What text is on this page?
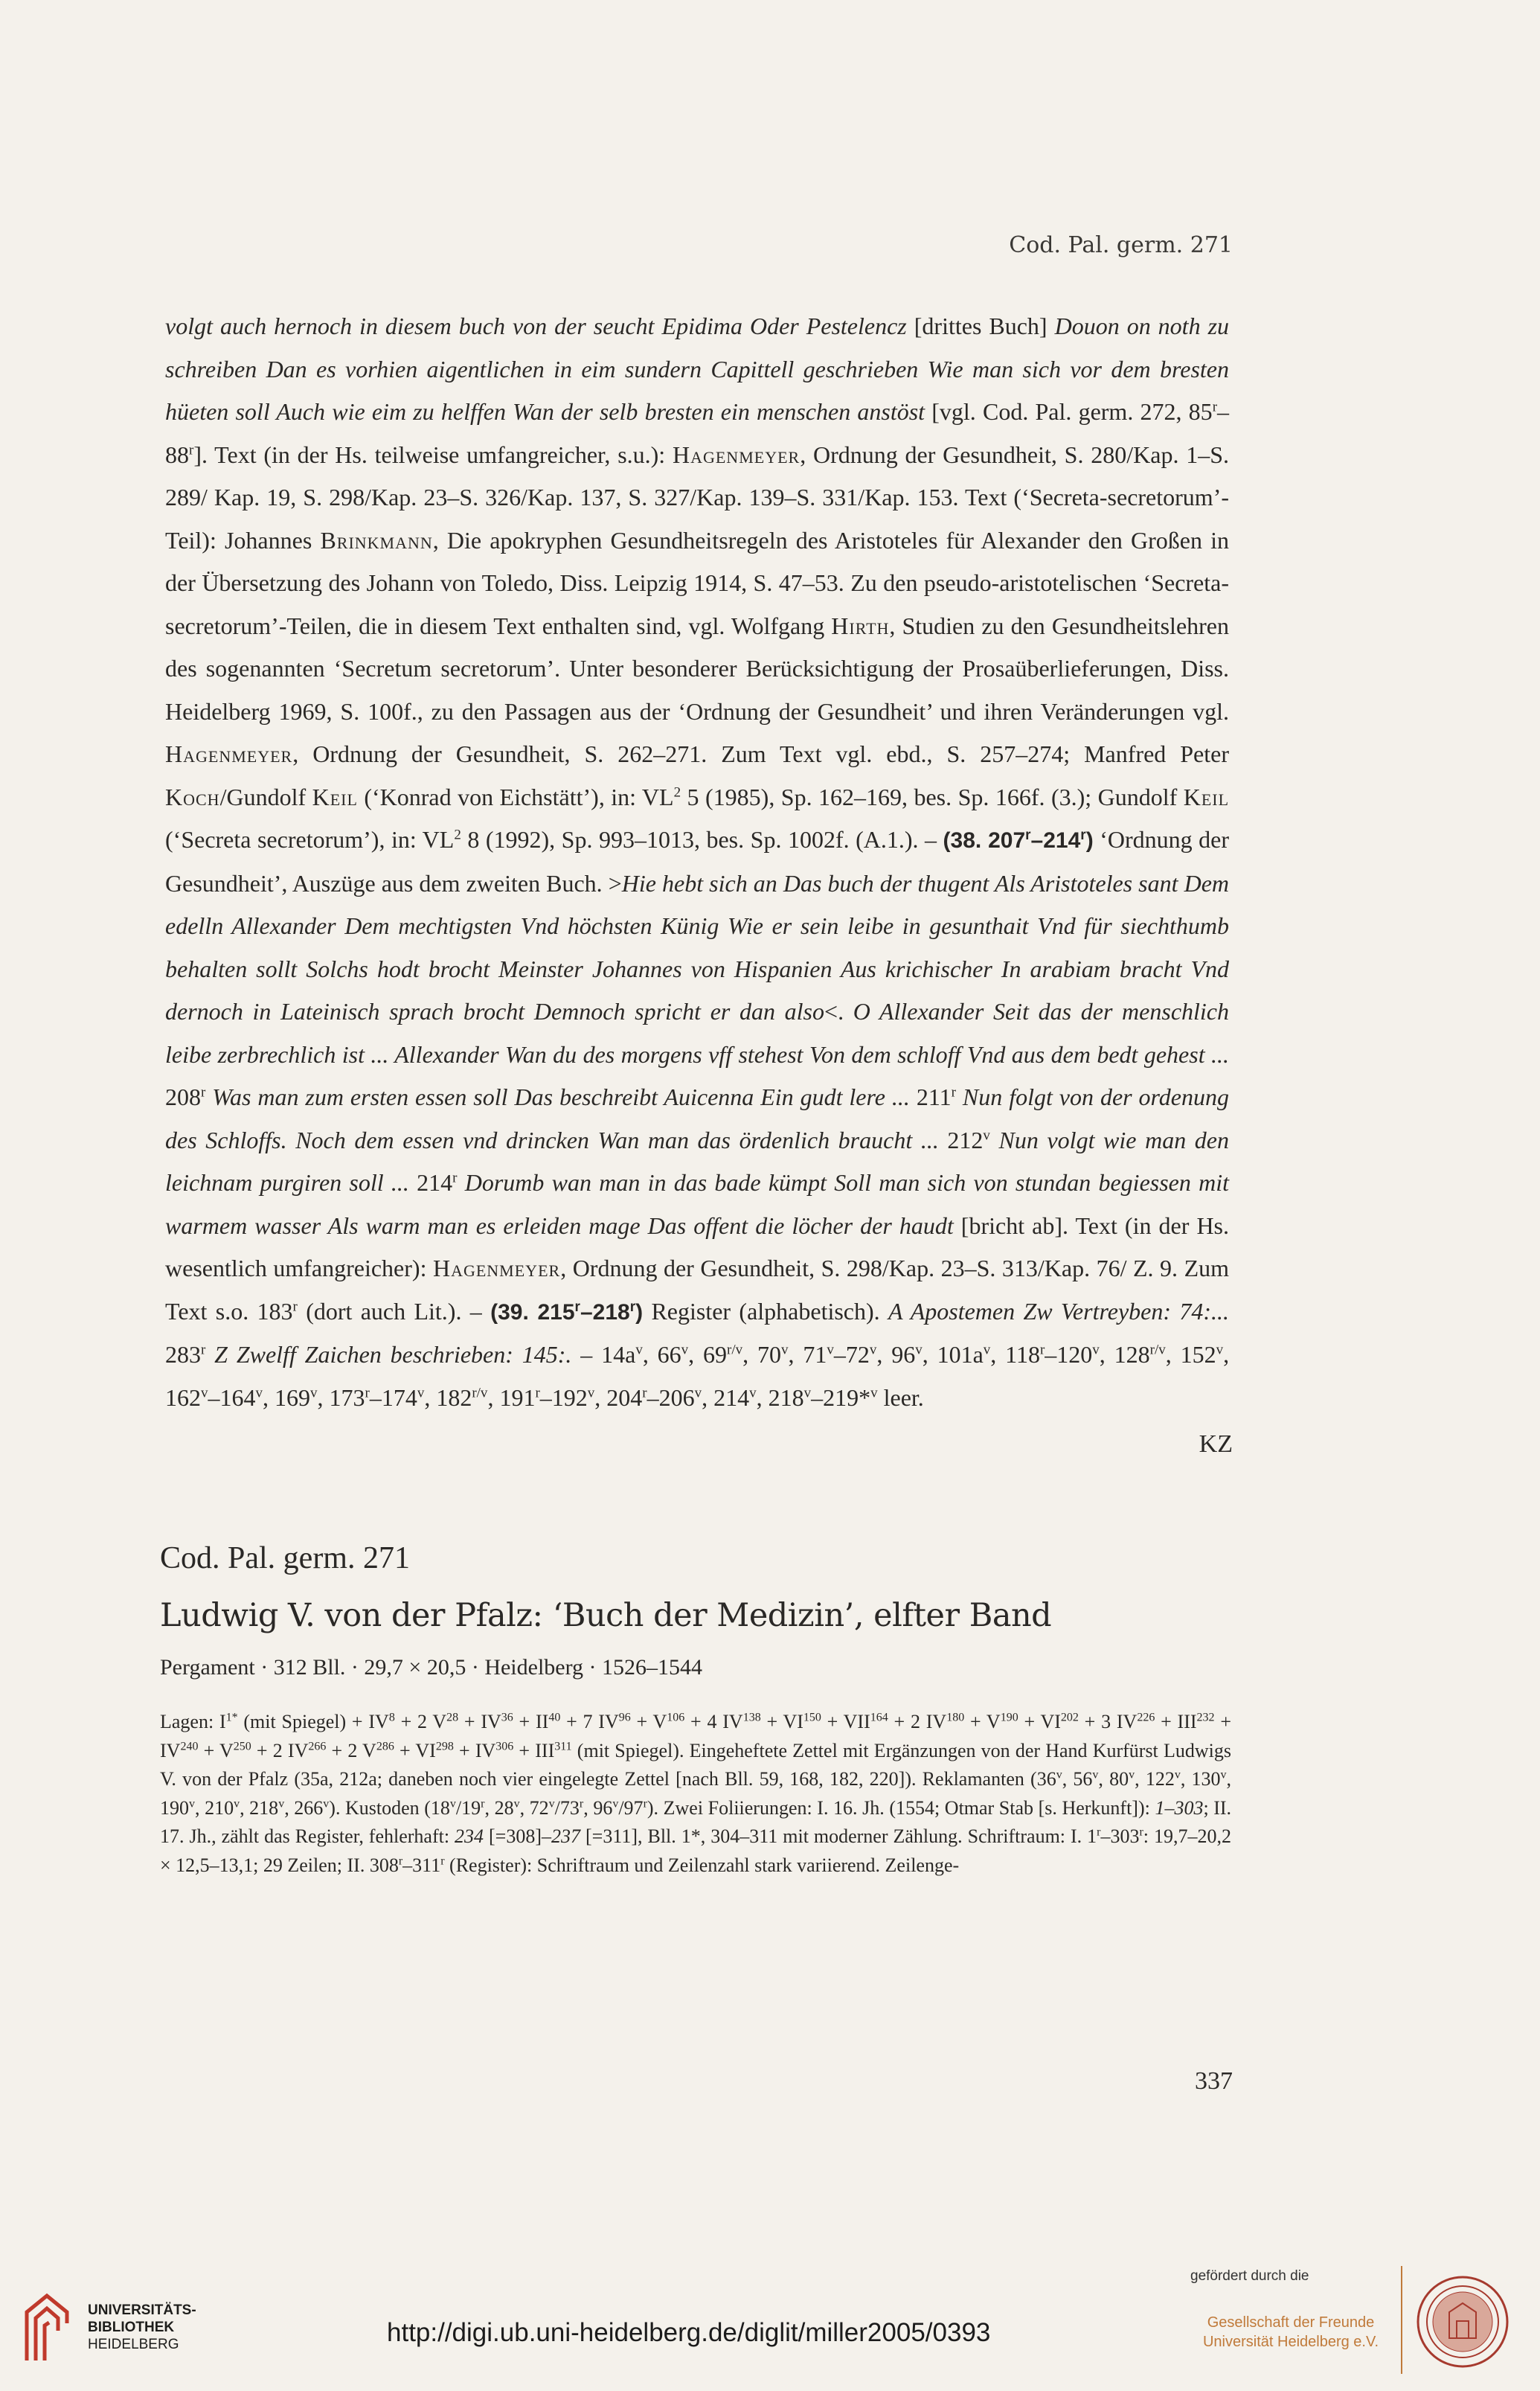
Cod. Pal. germ. 271

volgt auch hernoch in diesem buch von der seucht Epidima Oder Pestelencz [drittes Buch] Douon on noth zu schreiben Dan es vorhien aigentlichen in eim sundern Capittell geschrieben Wie man sich vor dem bresten hüeten soll Auch wie eim zu helffen Wan der selb bresten ein menschen anstöst [vgl. Cod. Pal. germ. 272, 85$^r$–88$^r$]. Text (in der Hs. teilweise umfangreicher, s.u.): Hagenmeyer, Ordnung der Gesundheit, S. 280/Kap. 1–S. 289/ Kap. 19, S. 298/Kap. 23–S. 326/Kap. 137, S. 327/Kap. 139–S. 331/Kap. 153. Text (‘Secreta-secretorum’-Teil): Johannes Brinkmann, Die apokryphen Gesundheitsregeln des Aristoteles für Alexander den Großen in der Übersetzung des Johann von Toledo, Diss. Leipzig 1914, S. 47–53. Zu den pseudo-aristotelischen ‘Secreta-secretorum’-Teilen, die in diesem Text enthalten sind, vgl. Wolfgang Hirth, Studien zu den Gesundheitslehren des sogenannten ‘Secretum secretorum’. Unter besonderer Berücksichtigung der Prosaüberlieferungen, Diss. Heidelberg 1969, S. 100f., zu den Passagen aus der ‘Ordnung der Gesundheit’ und ihren Veränderungen vgl. Hagenmeyer, Ordnung der Gesundheit, S. 262–271. Zum Text vgl. ebd., S. 257–274; Manfred Peter Koch/Gundolf Keil (‘Konrad von Eichstätt’), in: $VL^2$ 5 (1985), Sp. 162–169, bes. Sp. 166f. (3.); Gundolf Keil (‘Secreta secretorum’), in: $VL^2$ 8 (1992), Sp. 993–1013, bes. Sp. 1002f. (A.1.). – (38. 207$^r$–214$^r$) ‘Ordnung der Gesundheit’, Auszüge aus dem zweiten Buch. >Hie hebt sich an Das buch der thugent Als Aristoteles sant Dem edelln Allexander Dem mechtigsten Vnd höchsten Künig Wie er sein leibe in gesunthait Vnd für siechthumb behalten sollt Solchs hodt brocht Meinster Johannes von Hispanien Aus krichischer In arabiam bracht Vnd dernoch in Lateinisch sprach brocht Demnoch spricht er dan also<. O Allexander Seit das der menschlich leibe zerbrechlich ist ... Allexander Wan du des morgens vff stehest Von dem schloff Vnd aus dem bedt gehest ... 208$^r$ Was man zum ersten essen soll Das beschreibt Auicenna Ein gudt lere ... 211$^r$ Nun folgt von der ordenung des Schloffs. Noch dem essen vnd drincken Wan man das ördenlich braucht ... 212$^v$ Nun volgt wie man den leichnam purgiren soll ... 214$^r$ Dorumb wan man in das bade kümpt Soll man sich von stundan begiessen mit warmem wasser Als warm man es erleiden mage Das offent die löcher der haudt [bricht ab]. Text (in der Hs. wesentlich umfangreicher): Hagenmeyer, Ordnung der Gesundheit, S. 298/Kap. 23–S. 313/Kap. 76/ Z. 9. Zum Text s.o. 183$^r$ (dort auch Lit.). – (39. 215$^r$–218$^r$) Register (alphabetisch). A Apostemen Zw Vertreyben: 74:... 283$^r$ Z Zwelff Zaichen beschrieben: 145:. – $14a^v$, 66$^v$, $69^{r/v}$, 70$^v$, 71$^v$–72$^v$, 96$^v$, $101a^v$, 118$^r$–120$^v$, $128^{r/v}$, 152$^v$, 162$^v$–164$^v$, 169$^v$, 173$^r$–174$^v$, $182^{r/v}$, 191$^r$–192$^v$, 204$^r$–206$^v$, 214$^v$, 218$^v$–219*$^v$ leer.

KZ
Cod. Pal. germ. 271
Ludwig V. von der Pfalz: ‘Buch der Medizin’, elfter Band
Pergament · 312 Bll. · 29,7 × 20,5 · Heidelberg · 1526–1544

Lagen: $I^{1*}$ (mit Spiegel) + $IV^8 + 2$ $V^{28} + IV^{36} + II^{40} + 7$ $IV^{96} + V^{106} + 4$ $IV^{138} + VI^{150} + VII^{164} + 2$ $IV^{180} + V^{190} + VI^{202} + 3$ $IV^{226} + III^{232} + IV^{240} + V^{250} + 2$ $IV^{266} + 2$ $V^{286} + VI^{298} + IV^{306} + III^{311}$ (mit Spiegel). Eingeheftete Zettel mit Ergänzungen von der Hand Kurfürst Ludwigs V. von der Pfalz (35a, 212a; daneben noch vier eingelegte Zettel [nach Bll. 59, 168, 182, 220]). Reklamanten (36$^v$, 56$^v$, 80$^v$, 122$^v$, 130$^v$, 190$^v$, 210$^v$, 218$^v$, 266$^v$). Kustoden (18$^v$/19$^r$, 28$^v$, 72$^v$/73$^r$, 96$^v$/97$^r$). Zwei Foliierungen: I. 16. Jh. (1554; Otmar Stab [s. Herkunft]): 1–303; II. 17. Jh., zählt das Register, fehlerhaft: 234 [=308]–237 [=311], Bll. 1*, 304–311 mit moderner Zählung. Schriftraum: I. 1$^r$–303$^r$: 19,7–20,2 × 12,5–13,1; 29 Zeilen; II. 308$^r$–311$^r$ (Register): Schriftraum und Zeilenzahl stark variierend. Zeilenge-

337
UNIVERSITÄTS-
BIBLIOTHEK
HEIDELBERG	http://digi.ub.uni-heidelberg.de/diglit/miller2005/0393
gefördert durch die
Gesellschaft der Freunde
Universität Heidelberg e.V.
